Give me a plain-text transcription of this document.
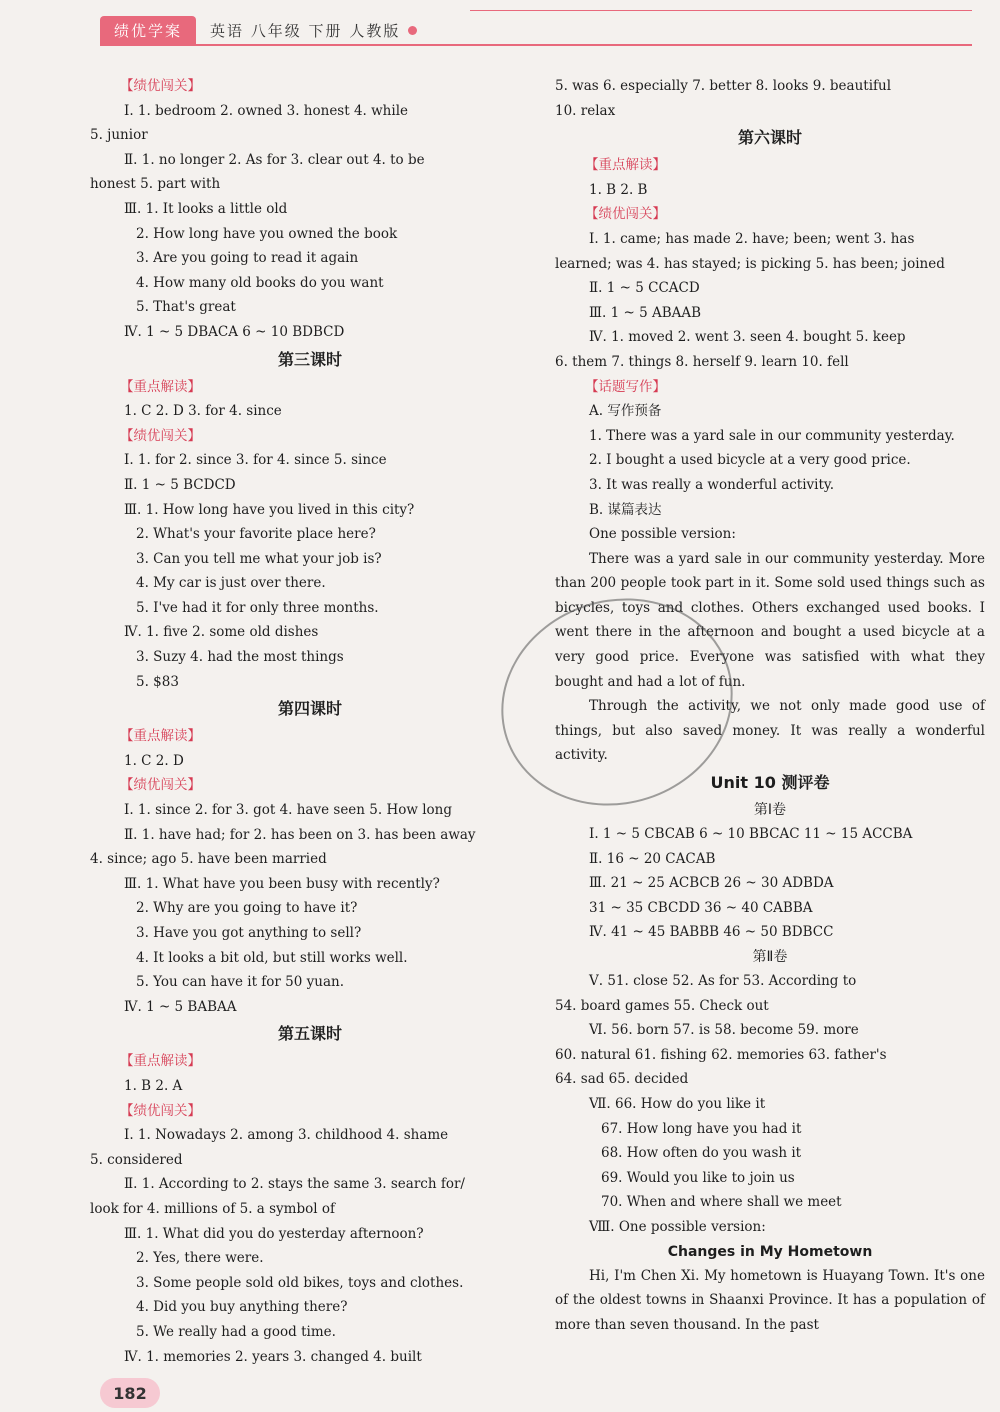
绩优学案	英语 八年级 下册 人教版
【绩优闯关】
Ⅰ. 1. bedroom 2. owned 3. honest 4. while
5. junior
Ⅱ. 1. no longer 2. As for 3. clear out 4. to be
honest 5. part with
Ⅲ. 1. It looks a little old
2. How long have you owned the book
3. Are you going to read it again
4. How many old books do you want
5. That's great
Ⅳ. 1 ~ 5 DBACA 6 ~ 10 BDBCD
第三课时
【重点解读】
1. C 2. D 3. for 4. since
【绩优闯关】
Ⅰ. 1. for 2. since 3. for 4. since 5. since
Ⅱ. 1 ~ 5 BCDCD
Ⅲ. 1. How long have you lived in this city?
2. What's your favorite place here?
3. Can you tell me what your job is?
4. My car is just over there.
5. I've had it for only three months.
Ⅳ. 1. five 2. some old dishes
3. Suzy 4. had the most things
5. $83
第四课时
【重点解读】
1. C 2. D
【绩优闯关】
Ⅰ. 1. since 2. for 3. got 4. have seen 5. How long
Ⅱ. 1. have had; for 2. has been on 3. has been away
4. since; ago 5. have been married
Ⅲ. 1. What have you been busy with recently?
2. Why are you going to have it?
3. Have you got anything to sell?
4. It looks a bit old, but still works well.
5. You can have it for 50 yuan.
Ⅳ. 1 ~ 5 BABAA
第五课时
【重点解读】
1. B 2. A
【绩优闯关】
Ⅰ. 1. Nowadays 2. among 3. childhood 4. shame
5. considered
Ⅱ. 1. According to 2. stays the same 3. search for/
look for 4. millions of 5. a symbol of
Ⅲ. 1. What did you do yesterday afternoon?
2. Yes, there were.
3. Some people sold old bikes, toys and clothes.
4. Did you buy anything there?
5. We really had a good time.
Ⅳ. 1. memories 2. years 3. changed 4. built
5. was 6. especially 7. better 8. looks 9. beautiful
10. relax
第六课时
【重点解读】
1. B 2. B
【绩优闯关】
Ⅰ. 1. came; has made 2. have; been; went 3. has
learned; was 4. has stayed; is picking 5. has been; joined
Ⅱ. 1 ~ 5 CCACD
Ⅲ. 1 ~ 5 ABAAB
Ⅳ. 1. moved 2. went 3. seen 4. bought 5. keep
6. them 7. things 8. herself 9. learn 10. fell
【话题写作】
A. 写作预备
1. There was a yard sale in our community yesterday.
2. I bought a used bicycle at a very good price.
3. It was really a wonderful activity.
B. 谋篇表达
One possible version:
There was a yard sale in our community yesterday. More than 200 people took part in it. Some sold used things such as bicycles, toys and clothes. Others exchanged used books. I went there in the afternoon and bought a used bicycle at a very good price. Everyone was satisfied with what they bought and had a lot of fun.
Through the activity, we not only made good use of things, but also saved money. It was really a wonderful activity.
Unit 10 测评卷
第Ⅰ卷
Ⅰ. 1 ~ 5 CBCAB 6 ~ 10 BBCAC 11 ~ 15 ACCBA
Ⅱ. 16 ~ 20 CACAB
Ⅲ. 21 ~ 25 ACBCB 26 ~ 30 ADBDA
31 ~ 35 CBCDD 36 ~ 40 CABBA
Ⅳ. 41 ~ 45 BABBB 46 ~ 50 BDBCC
第Ⅱ卷
Ⅴ. 51. close 52. As for 53. According to
54. board games 55. Check out
Ⅵ. 56. born 57. is 58. become 59. more
60. natural 61. fishing 62. memories 63. father's
64. sad 65. decided
Ⅶ. 66. How do you like it
67. How long have you had it
68. How often do you wash it
69. Would you like to join us
70. When and where shall we meet
Ⅷ. One possible version:
Changes in My Hometown
Hi, I'm Chen Xi. My hometown is Huayang Town. It's one of the oldest towns in Shaanxi Province. It has a population of more than seven thousand. In the past
182
